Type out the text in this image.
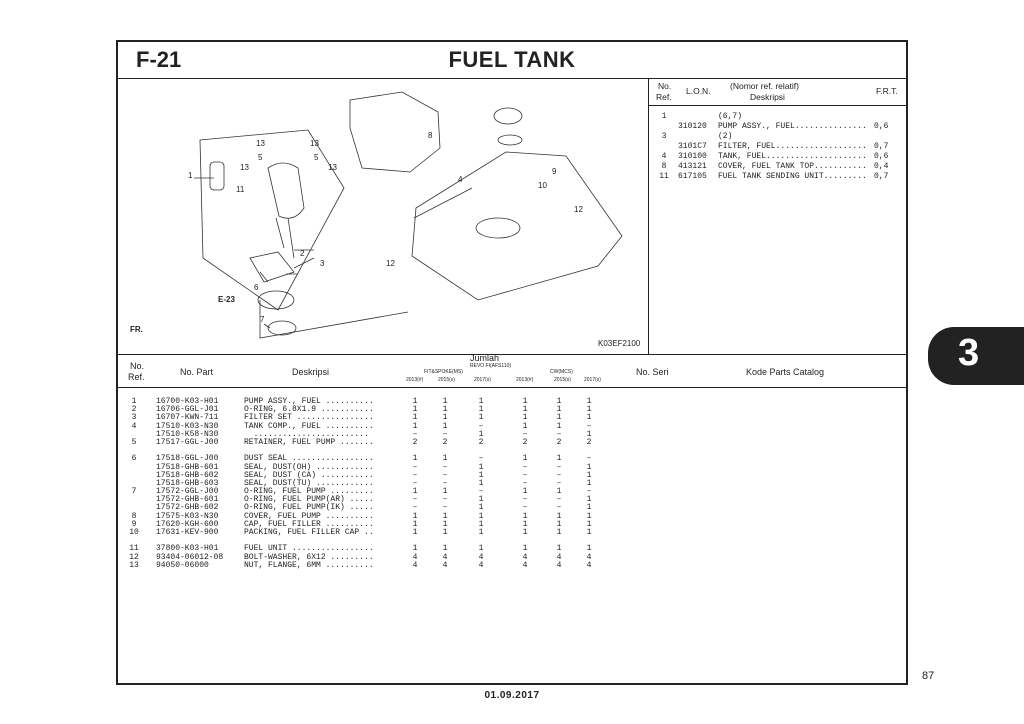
F-21	FUEL TANK
1
2
3
4
5	5
6
7
8
9
10
11
12
12
13	13
13	13
E-23
FR.
K03EF2100
No.
Ref.
L.O.N. (Nomor ref. relatif)
Deskripsi
F.R.T.
1	(6,7)
310120 PUMP ASSY., FUEL............... 0,6
3	(2)
3101C7 FILTER, FUEL................... 0,7
4	310100 TANK, FUEL..................... 0,6
8	413121 COVER, FUEL TANK TOP........... 0,4
11	617105 FUEL TANK SENDING UNIT......... 0,7
No.
Ref.	No. Part	Deskripsi
Jumlah
REVO FI(AFS110)
FIT&SPOKE(MS)	CW(MCS)
2013(#)	2015(s)	2017(s)	2013(#)	2015(s)	2017(s)
No. Seri	Kode Parts Catalog
1	16700-K03-H01	PUMP ASSY., FUEL ..........	1	1	1	1	1	1
2	16706-GGL-J01	O-RING, 6.8X1.9 ...........	1	1	1	1	1	1
3	16707-KWN-711	FILTER SET ................	1	1	1	1	1	1
4	17510-K03-N30	TANK COMP., FUEL ..........	1	1	–	1	1	–
17510-K58-N30	........................	–	–	1	–	–	1
5	17517-GGL-J00	RETAINER, FUEL PUMP .......	2	2	2	2	2	2
6	17518-GGL-J00	DUST SEAL .................	1	1	–	1	1	–
17518-GHB-601	SEAL, DUST(OH) ............	–	–	1	–	–	1
17518-GHB-602	SEAL, DUST (CA) ...........	–	–	1	–	–	1
17518-GHB-603	SEAL, DUST(TU) ............	–	–	1	–	–	1
7	17572-GGL-J00	O-RING, FUEL PUMP .........	1	1	–	1	1	–
17572-GHB-601	O-RING, FUEL PUMP(AR) .....	–	–	1	–	–	1
17572-GHB-602	O-RING, FUEL PUMP(IK) .....	–	–	1	–	–	1
8	17575-K03-N30	COVER, FUEL PUMP ..........	1	1	1	1	1	1
9	17620-KGH-600	CAP, FUEL FILLER ..........	1	1	1	1	1	1
10	17631-KEV-900	PACKING, FUEL FILLER CAP ..	1	1	1	1	1	1
11	37800-K03-H01	FUEL UNIT .................	1	1	1	1	1	1
12	93404-06012-08	BOLT-WASHER, 6X12 .........	4	4	4	4	4	4
13	94050-06000	NUT, FLANGE, 6MM ..........	4	4	4	4	4	4
3
87
01.09.2017
